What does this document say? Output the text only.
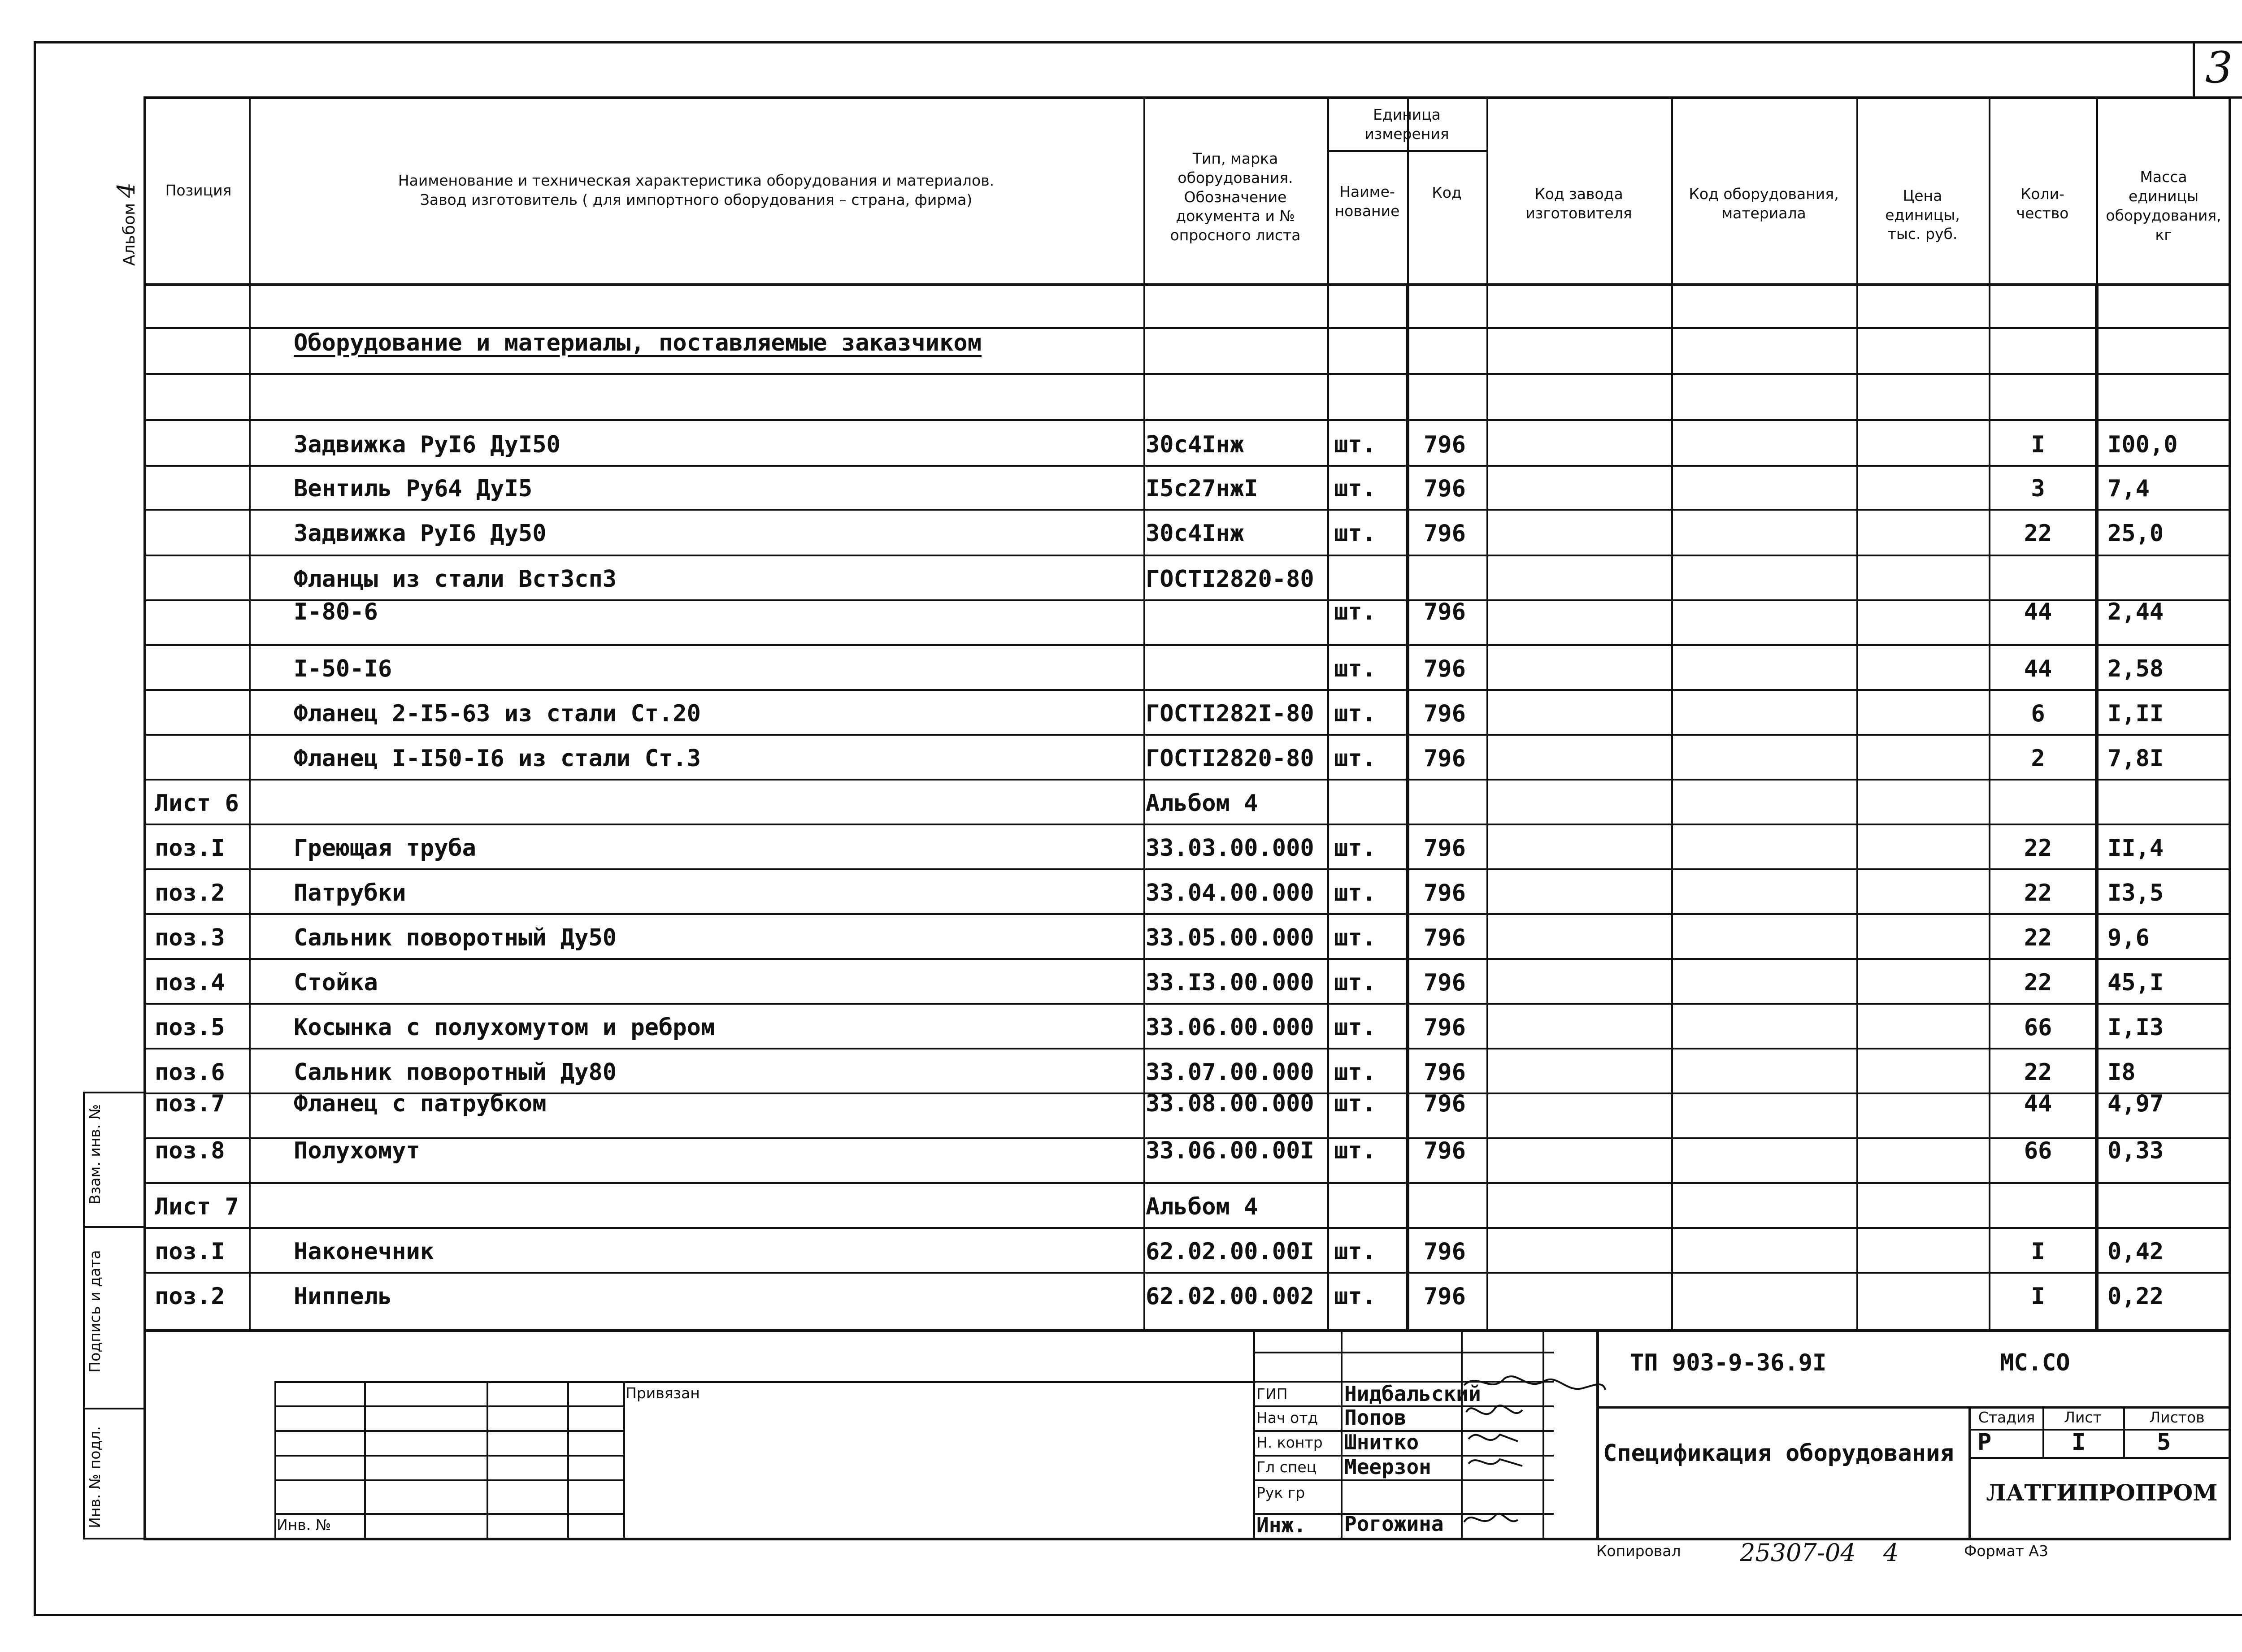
3
Альбом 4 Позиция
Наименование и техническая характеристика оборудования и материалов.
Завод изготовитель ( для импортного оборудования – страна, фирма)
Тип, марка
оборудования.
Обозначение
документа и №
опросного листа
Единица
измерения
Наиме-
нование
Код	Код завода
изготовителя
Код оборудования,
материала
Цена
единицы,
тыс. руб.
Коли-
чество
Масса
единицы
оборудования,
кг
Оборудование и материалы, поставляемые заказчиком
Задвижка РуI6 ДуI50	30с4Iнж	шт. 796	I	I00,0
Вентиль Ру64 ДуI5	I5с27нжI	шт. 796	3	7,4
Задвижка РуI6 Ду50	30с4Iнж	шт. 796	22	25,0
Фланцы из стали ВстЗсп3	ГОСТI2820-80
I-80-6	шт. 796	44	2,44
I-50-I6	шт. 796	44	2,58
Фланец 2-I5-63 из стали Ст.20	ГОСТI282I-80 шт. 796	6	I,II
Фланец I-I50-I6 из стали Ст.3	ГОСТI2820-80 шт. 796	2	7,8I
Лист 6	Альбом 4
поз.I	Греющая труба	33.03.00.000 шт. 796	22	II,4
поз.2	Патрубки	33.04.00.000 шт. 796	22	I3,5
поз.3	Сальник поворотный Ду50	33.05.00.000 шт. 796	22	9,6
поз.4	Стойка	33.I3.00.000 шт. 796	22	45,I
поз.5	Косынка с полухомутом и ребром	33.06.00.000 шт. 796	66	I,I3
поз.6	Сальник поворотный Ду80	33.07.00.000 шт. 796	22	I8
поз.7	Фланец с патрубком	33.08.00.000 шт. 796	44	4,97
поз.8	Полухомут	33.06.00.00I шт. 796	66	0,33
Лист 7	Альбом 4
поз.I	Наконечник	62.02.00.00I шт. 796	I	0,42
поз.2	Ниппель	62.02.00.002 шт. 796	I	0,22
Взам. инв. №
Подпись и дата
Инв. № подл.
Привязан
Инв. №
ГИП	Нидбальский
Нач отд Попов
Н. контр Шнитко
Гл спец Меерзон
Рук гр
Инж. Рогожина
ТП 903-9-36.9I	МС.СО
Спецификация оборудования
Стадия	Лист	Листов
Р	I	5
ЛАТГИПРОПРОМ
Копировал 25307-04 4	Формат А3
